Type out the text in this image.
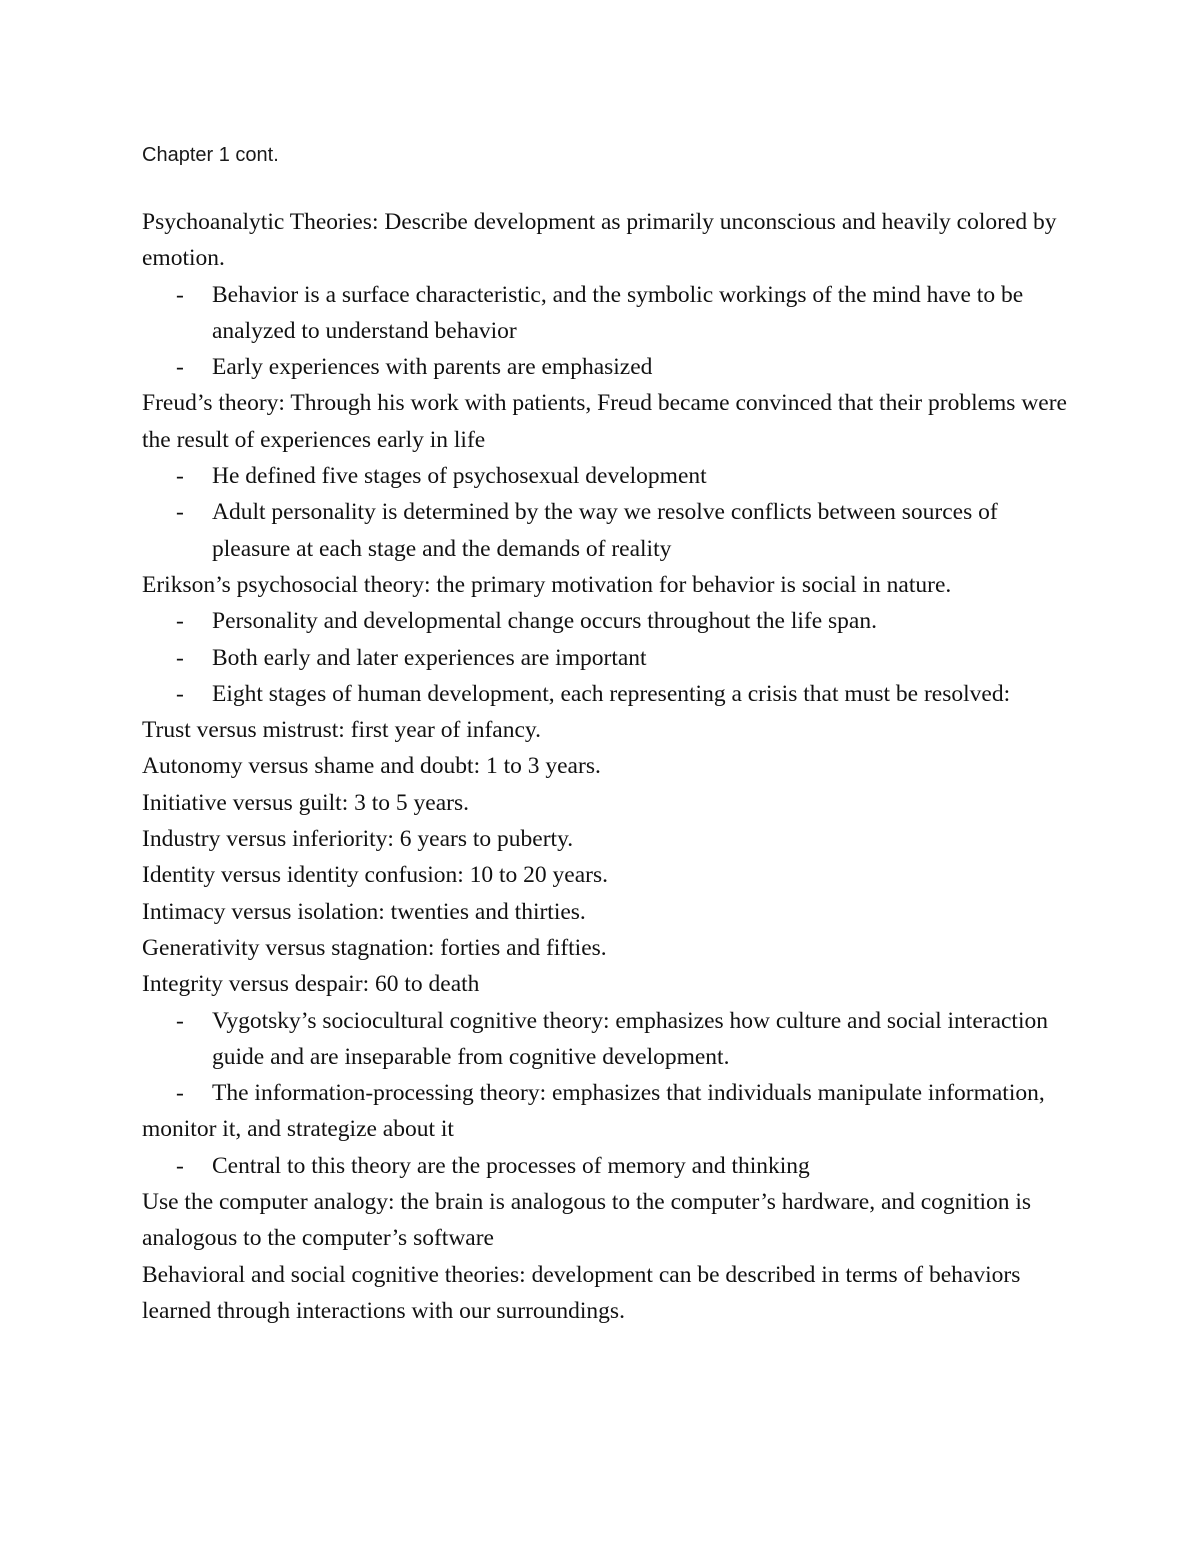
Chapter 1 cont.

Psychoanalytic Theories: Describe development as primarily unconscious and heavily colored by emotion.

- Behavior is a surface characteristic, and the symbolic workings of the mind have to be analyzed to understand behavior

- Early experiences with parents are emphasized

Freud’s theory: Through his work with patients, Freud became convinced that their problems were the result of experiences early in life

- He defined five stages of psychosexual development

- Adult personality is determined by the way we resolve conflicts between sources of pleasure at each stage and the demands of reality

Erikson’s psychosocial theory: the primary motivation for behavior is social in nature.

- Personality and developmental change occurs throughout the life span.

- Both early and later experiences are important

- Eight stages of human development, each representing a crisis that must be resolved:

Trust versus mistrust: first year of infancy.

Autonomy versus shame and doubt: 1 to 3 years.

Initiative versus guilt: 3 to 5 years.

Industry versus inferiority: 6 years to puberty.

Identity versus identity confusion: 10 to 20 years.

Intimacy versus isolation: twenties and thirties.

Generativity versus stagnation: forties and fifties.

Integrity versus despair: 60 to death

- Vygotsky’s sociocultural cognitive theory: emphasizes how culture and social interaction guide and are inseparable from cognitive development.

- The information-processing theory: emphasizes that individuals manipulate information, monitor it, and strategize about it

- Central to this theory are the processes of memory and thinking

Use the computer analogy: the brain is analogous to the computer’s hardware, and cognition is analogous to the computer’s software

Behavioral and social cognitive theories: development can be described in terms of behaviors learned through interactions with our surroundings.
